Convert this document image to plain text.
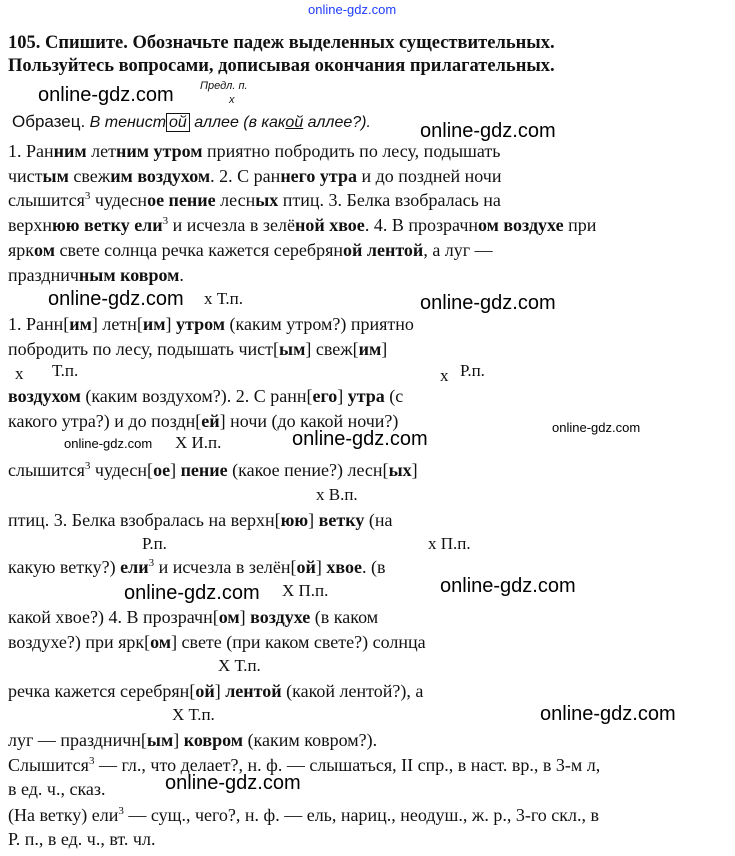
online-gdz.com
105. Спишите. Обозначьте падеж выделенных существительных.
Пользуйтесь вопросами, дописывая окончания прилагательных.
online-gdz.com Предл. п.
x
Образец. В тенист ой аллее (в какой аллее?). online-gdz.com
1. Ранним летним утром приятно побродить по лесу, подышать
чистым свежим воздухом. 2. С раннего утра и до поздней ночи
слышится$^3$ чудесное пение лесных птиц. 3. Белка взобралась на
верхнюю ветку ели$^3$ и исчезла в зелёной хвое. 4. В прозрачном воздухе при
ярком свете солнца речка кажется серебряной лентой, а луг —
праздничным ковром.
online-gdz.com x Т.п.	online-gdz.com
1. Ранн[им] летн[им] утром (каким утром?) приятно
побродить по лесу, подышать чист[ым] свеж[им]
x Т.п.	x Р.п.
воздухом (каким воздухом?). 2. С ранн[его] утра (с
какого утра?) и до поздн[ей] ночи (до какой ночи?)
online-gdz.com X И.п.	online-gdz.com
online-gdz.com
слышится$^3$ чудесн[ое] пение (какое пение?) лесн[ых]
x В.п.
птиц. 3. Белка взобралась на верхн[юю] ветку (на
Р.п.	x П.п.
какую ветку?) ели$^3$ и исчезла в зелён[ой] хвое. (в
online-gdz.com X П.п.	online-gdz.com
какой хвое?) 4. В прозрачн[ом] воздухе (в каком
воздухе?) при ярк[ом] свете (при каком свете?) солнца
X Т.п.
речка кажется серебрян[ой] лентой (какой лентой?), а
X Т.п.	online-gdz.com
луг — праздничн[ым] ковром (каким ковром?).
Слышится$^3$ — гл., что делает?, н. ф. — слышаться, II спр., в наст. вр., в 3-м л,
online-gdz.com
в ед. ч., сказ.
(На ветку) ели$^3$ — сущ., чего?, н. ф. — ель, нариц., неодуш., ж. р., 3-го скл., в
Р. п., в ед. ч., вт. чл.
